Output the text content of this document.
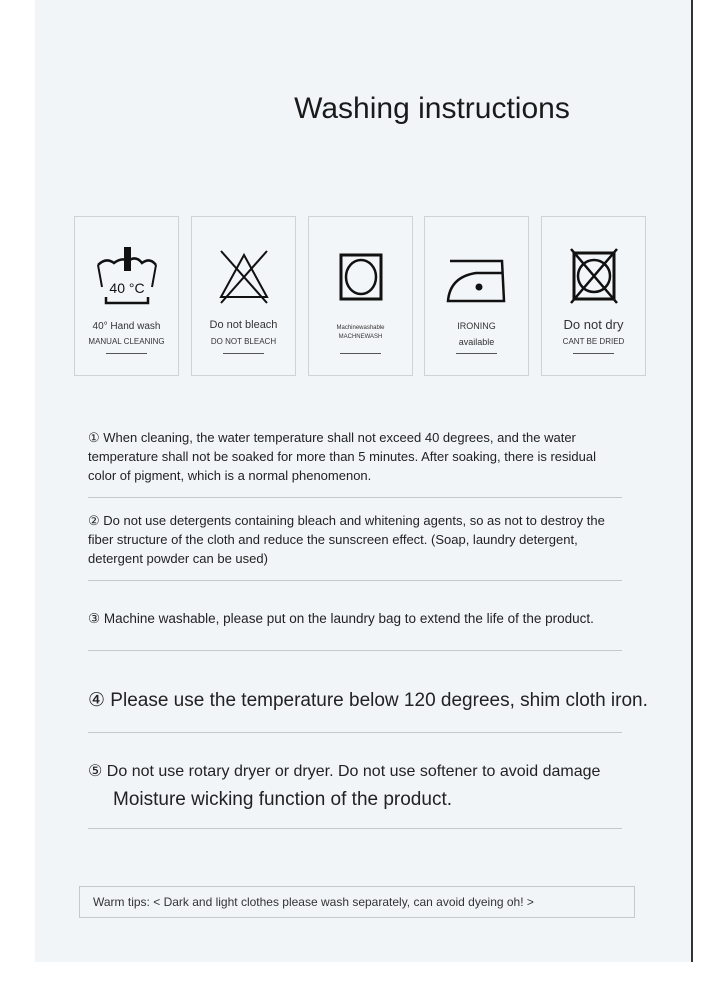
Washing instructions
40 °C
40° Hand wash
MANUAL CLEANING
Do not bleach
DO NOT BLEACH
Machinewashable
MACHNEWASH
IRONING
available
Do not dry
CANT BE DRIED
① When cleaning, the water temperature shall not exceed 40 degrees, and the water temperature shall not be soaked for more than 5 minutes. After soaking, there is residual color of pigment, which is a normal phenomenon.
② Do not use detergents containing bleach and whitening agents, so as not to destroy the fiber structure of the cloth and reduce the sunscreen effect. (Soap, laundry detergent, detergent powder can be used)
③ Machine washable, please put on the laundry bag to extend the life of the product.
④ Please use the temperature below 120 degrees, shim cloth iron.
⑤ Do not use rotary dryer or dryer. Do not use softener to avoid damage
Moisture wicking function of the product.
Warm tips: < Dark and light clothes please wash separately, can avoid dyeing oh! >
